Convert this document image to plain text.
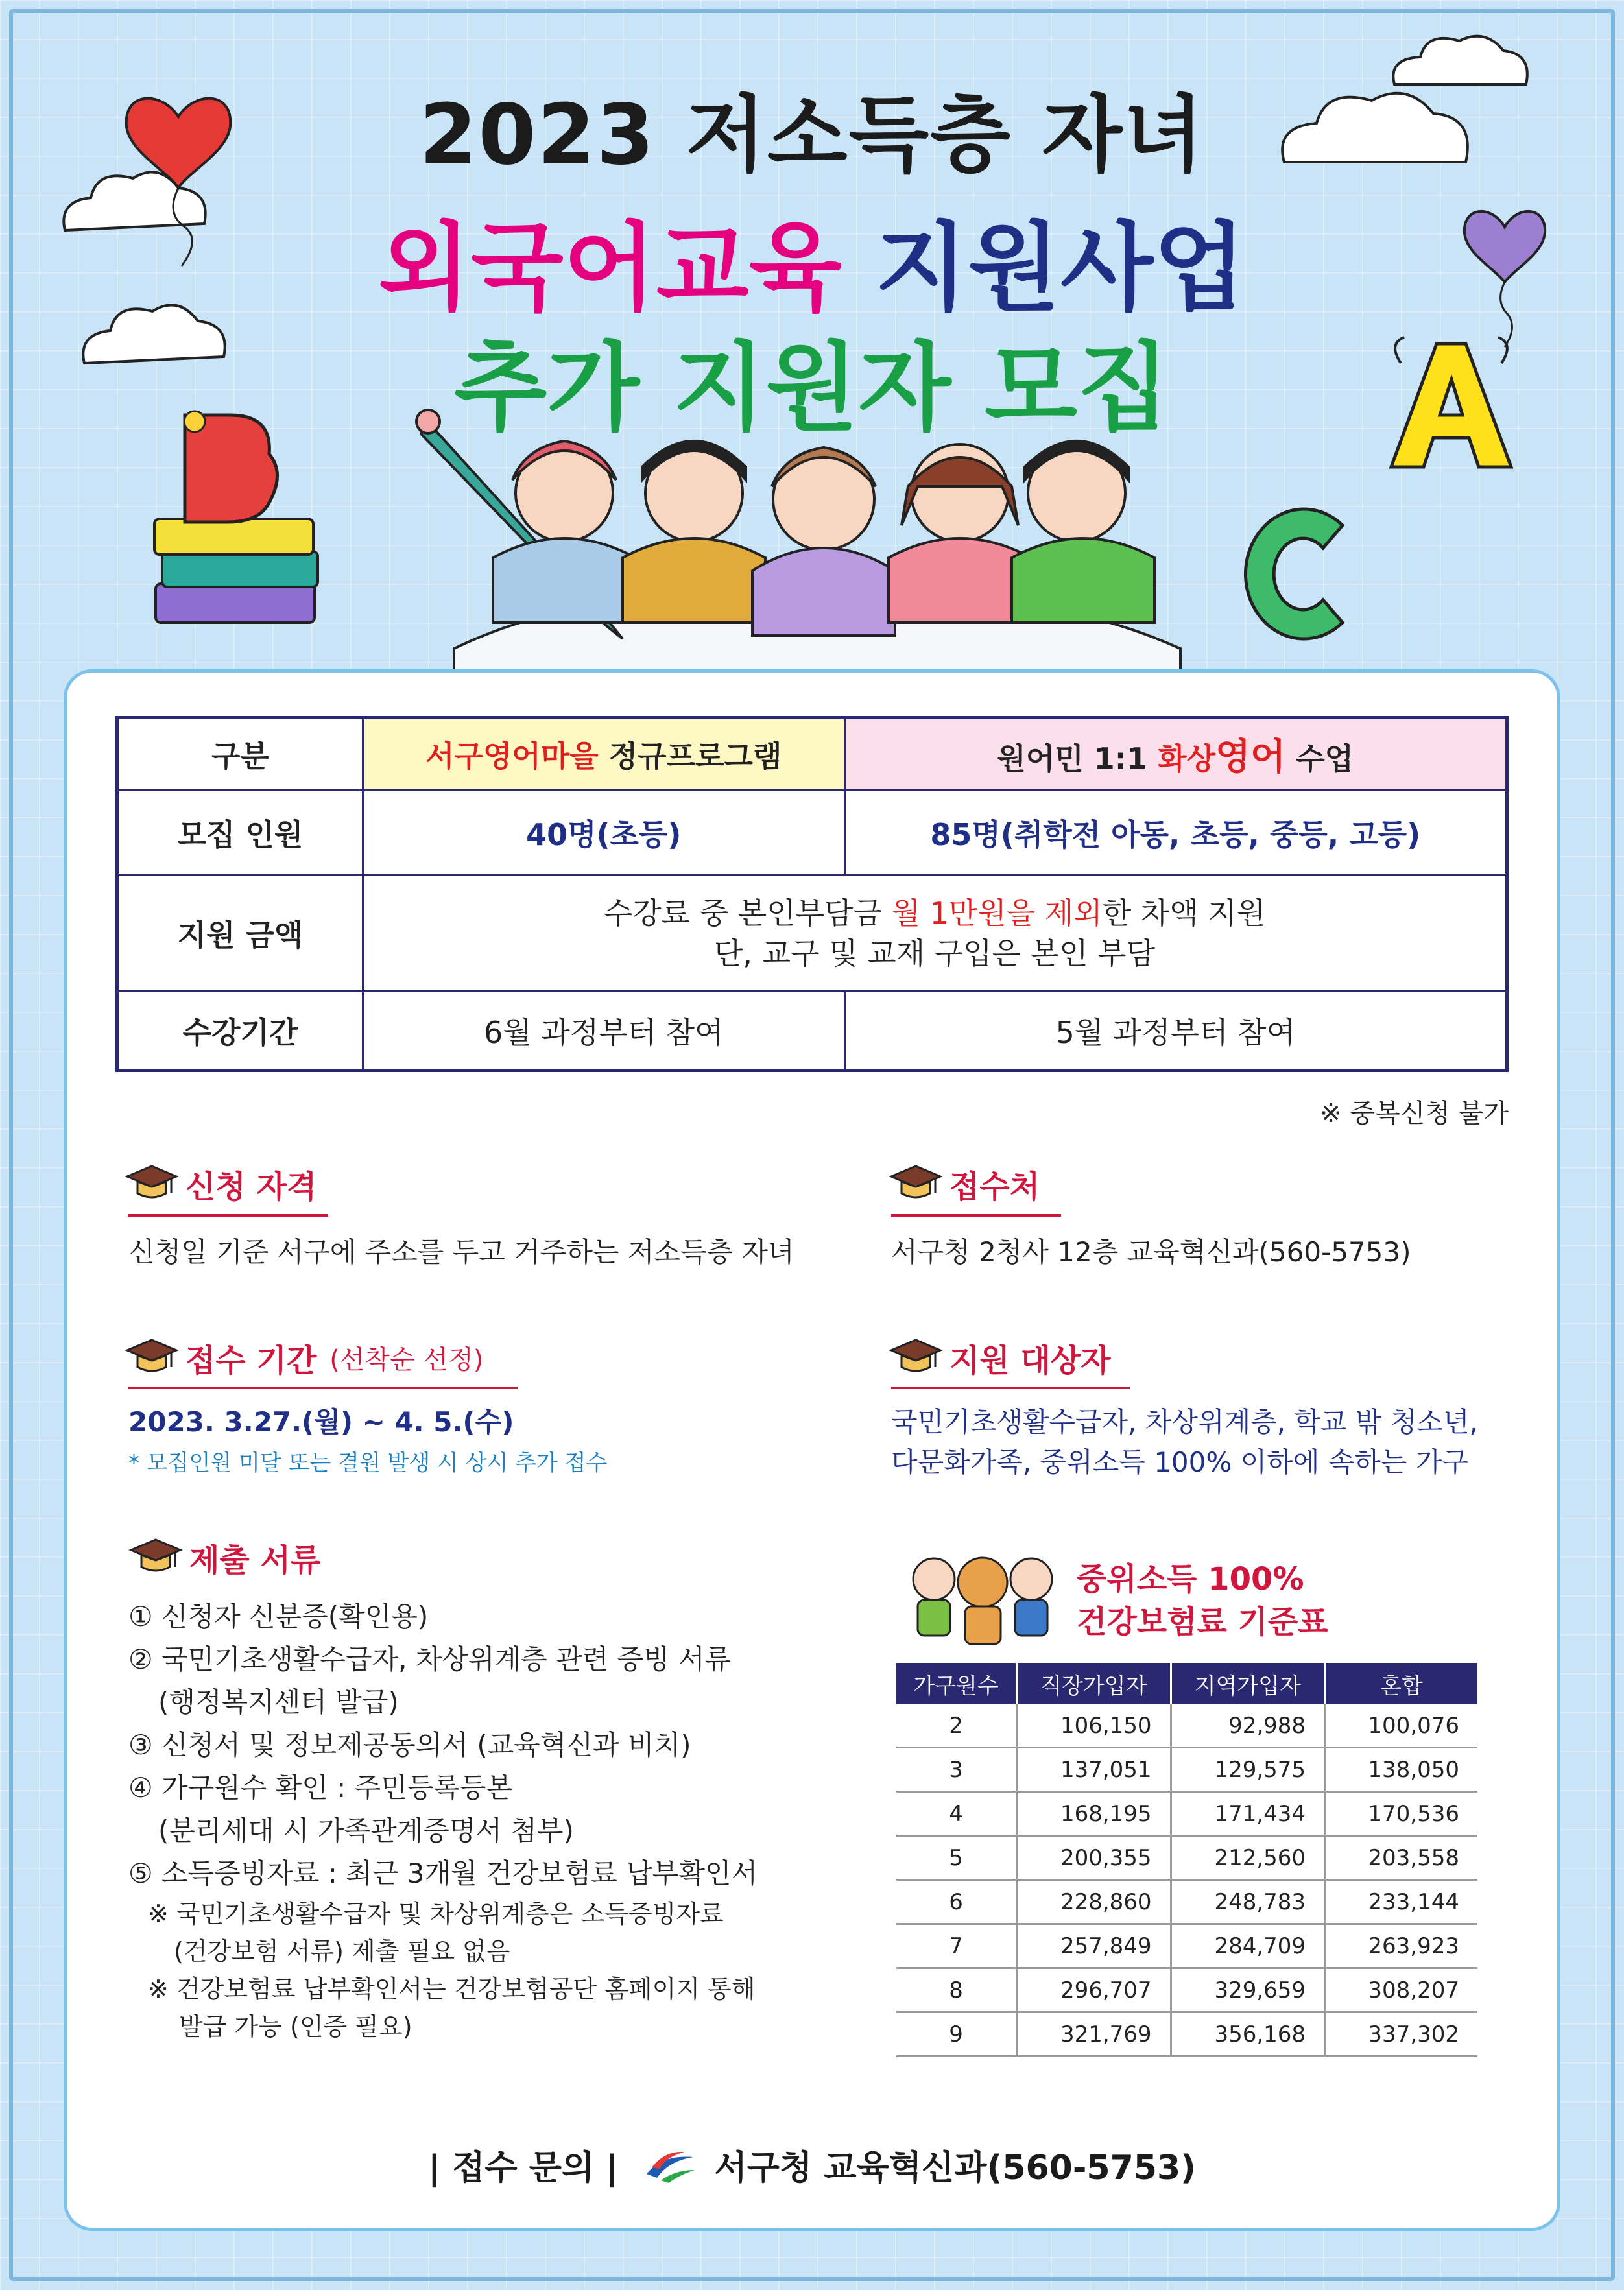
2023 저소득층 자녀
외국어교육 지원사업
추가 지원자 모집
구분	서구영어마을 정규프로그램	원어민 1:1 화상영어 수업
모집 인원	40명(초등)	85명(취학전 아동, 초등, 중등, 고등)
지원 금액	수강료 중 본인부담금 월 1만원을 제외한 차액 지원
단, 교구 및 교재 구입은 본인 부담	
수강기간	6월 과정부터 참여	5월 과정부터 참여
※ 중복신청 불가
신청 자격
신청일 기준 서구에 주소를 두고 거주하는 저소득층 자녀
접수처
서구청 2청사 12층 교육혁신과(560-5753)
접수 기간 (선착순 선정)
2023. 3.27.(월) ~ 4. 5.(수)
* 모집인원 미달 또는 결원 발생 시 상시 추가 접수
지원 대상자
국민기초생활수급자, 차상위계층, 학교 밖 청소년,
다문화가족, 중위소득 100% 이하에 속하는 가구
제출 서류
① 신청자 신분증(확인용)
② 국민기초생활수급자, 차상위계층 관련 증빙 서류
(행정복지센터 발급)
③ 신청서 및 정보제공동의서 (교육혁신과 비치)
④ 가구원수 확인 : 주민등록등본
(분리세대 시 가족관계증명서 첨부)
⑤ 소득증빙자료 : 최근 3개월 건강보험료 납부확인서
※ 국민기초생활수급자 및 차상위계층은 소득증빙자료
(건강보험 서류) 제출 필요 없음
※ 건강보험료 납부확인서는 건강보험공단 홈페이지 통해
발급 가능 (인증 필요)
중위소득 100%
건강보험료 기준표
가구원수	직장가입자	지역가입자	혼합
2	106,150	92,988	100,076
3	137,051	129,575	138,050
4	168,195	171,434	170,536
5	200,355	212,560	203,558
6	228,860	248,783	233,144
7	257,849	284,709	263,923
8	296,707	329,659	308,207
9	321,769	356,168	337,302
| 접수 문의 |	서구청 교육혁신과(560-5753)
